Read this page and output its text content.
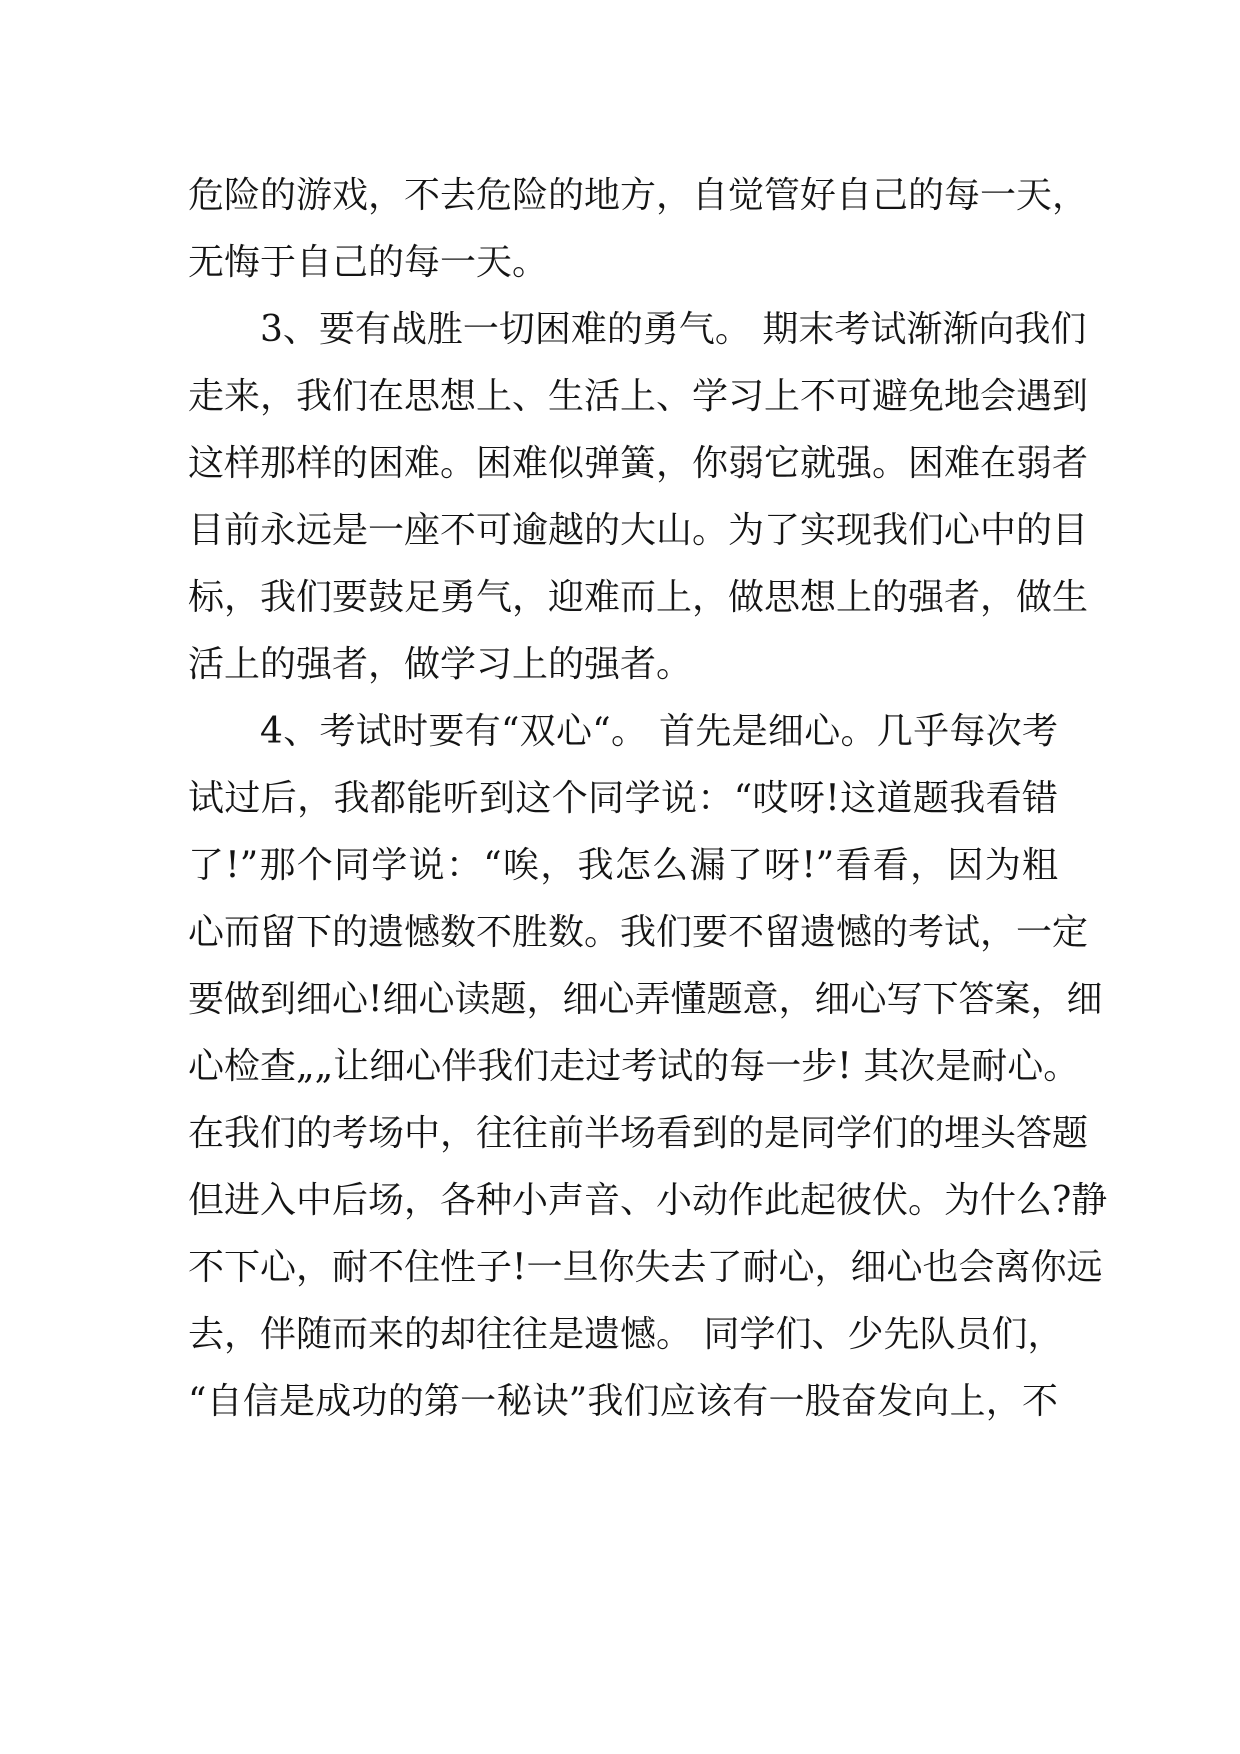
危险的游戏，不去危险的地方，自觉管好自己的每一天，
无悔于自己的每一天。
3、要有战胜一切困难的勇气。 期末考试渐渐向我们
走来，我们在思想上、生活上、学习上不可避免地会遇到
这样那样的困难。困难似弹簧，你弱它就强。困难在弱者
目前永远是一座不可逾越的大山。为了实现我们心中的目
标，我们要鼓足勇气，迎难而上，做思想上的强者，做生
活上的强者，做学习上的强者。
4、考试时要有“双心“。 首先是细心。几乎每次考
试过后，我都能听到这个同学说：“哎呀!这道题我看错
了!”那个同学说：“唉，我怎么漏了呀!”看看，因为粗
心而留下的遗憾数不胜数。我们要不留遗憾的考试，一定
要做到细心!细心读题，细心弄懂题意，细心写下答案，细
心检查„„让细心伴我们走过考试的每一步! 其次是耐心。
在我们的考场中，往往前半场看到的是同学们的埋头答题
但进入中后场，各种小声音、小动作此起彼伏。为什么?静
不下心，耐不住性子!一旦你失去了耐心，细心也会离你远
去，伴随而来的却往往是遗憾。 同学们、少先队员们，
“自信是成功的第一秘诀”我们应该有一股奋发向上，不
